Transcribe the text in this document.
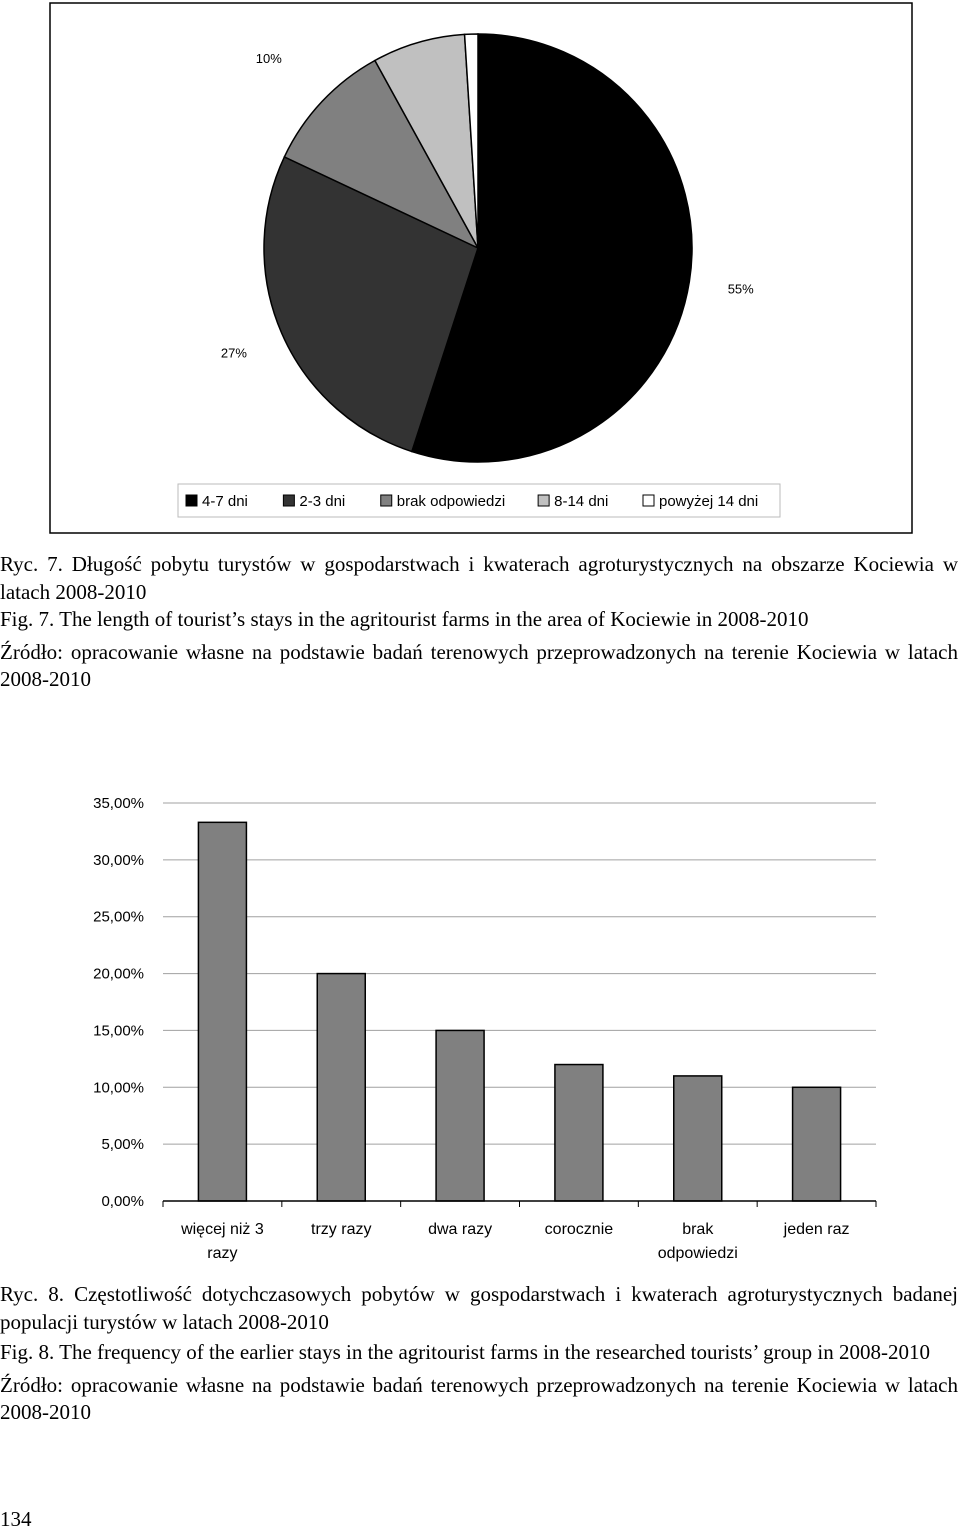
55%
27%
10%
4-7 dni	2-3 dni	brak odpowiedzi	8-14 dni	powyżej 14 dni

Ryc. 7. Długość pobytu turystów w gospodarstwach i kwaterach agroturystycznych na obszarze Kociewia w latach 2008-2010

Fig. 7. The length of tourist’s stays in the agritourist farms in the area of Kociewie in 2008-2010

Źródło: opracowanie własne na podstawie badań terenowych przeprowadzonych na terenie Kociewia w latach 2008-2010

0,00%
5,00%
10,00%
15,00%
20,00%
25,00%
30,00%
35,00%
więcej niż 3 razy
trzy razy	dwa razy	corocznie	brak odpowiedzi
jeden raz

Ryc. 8. Częstotliwość dotychczasowych pobytów w gospodarstwach i kwaterach agroturystycznych badanej populacji turystów w latach 2008-2010

Fig. 8. The frequency of the earlier stays in the agritourist farms in the researched tourists’ group in 2008-2010

Źródło: opracowanie własne na podstawie badań terenowych przeprowadzonych na terenie Kociewia w latach 2008-2010

134
